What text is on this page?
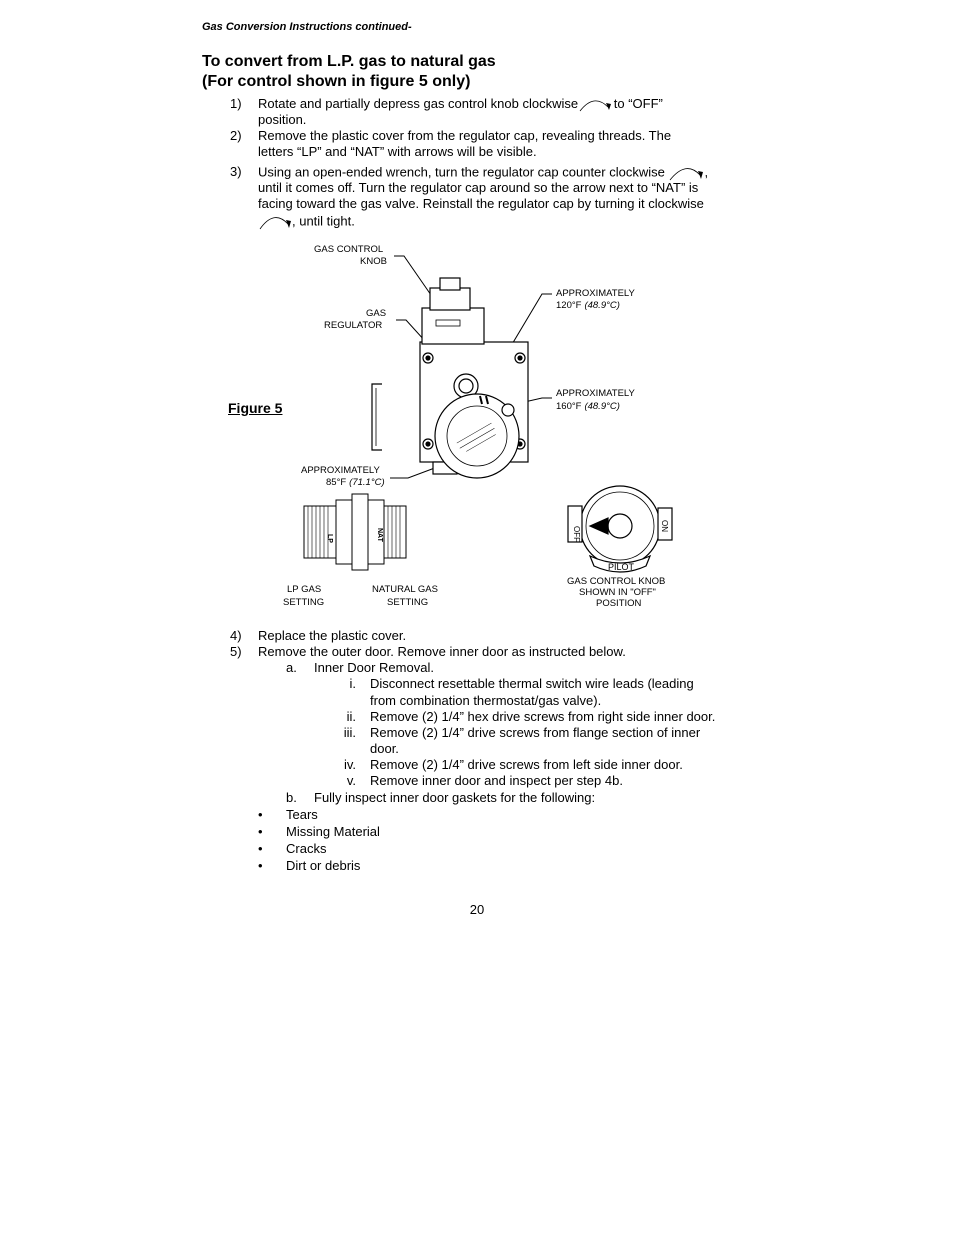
Gas Conversion Instructions continued-
To convert from L.P. gas to natural gas
(For control shown in figure 5 only)
1)	Rotate and partially depress gas control knob clockwise to “OFF”
position.
2)	Remove the plastic cover from the regulator cap, revealing threads. The
letters “LP” and “NAT” with arrows will be visible.
3)	Using an open-ended wrench, turn the regulator cap counter clockwise	,
until it comes off. Turn the regulator cap around so the arrow next to “NAT” is
facing toward the gas valve. Reinstall the regulator cap by turning it clockwise
, until tight.
Figure 5
GAS CONTROL
KNOB
GAS
REGULATOR
APPROXIMATELY
120°F (48.9°C)
APPROXIMATELY
160°F (48.9°C)
APPROXIMATELY
85°F (71.1°C)
LP GAS
SETTING
NATURAL GAS
SETTING
GAS CONTROL KNOB
SHOWN IN "OFF"
POSITION
LP	NAT
PILOT
OFF	ON
4)	Replace the plastic cover.
5)	Remove the outer door. Remove inner door as instructed below.
a. Inner Door Removal.
i. Disconnect resettable thermal switch wire leads (leading
from combination thermostat/gas valve).
ii. Remove (2) 1/4” hex drive screws from right side inner door.
iii. Remove (2) 1/4” drive screws from flange section of inner
door.
iv. Remove (2) 1/4” drive screws from left side inner door.
v. Remove inner door and inspect per step 4b.
b. Fully inspect inner door gaskets for the following:
• Tears
• Missing Material
• Cracks
• Dirt or debris
20
